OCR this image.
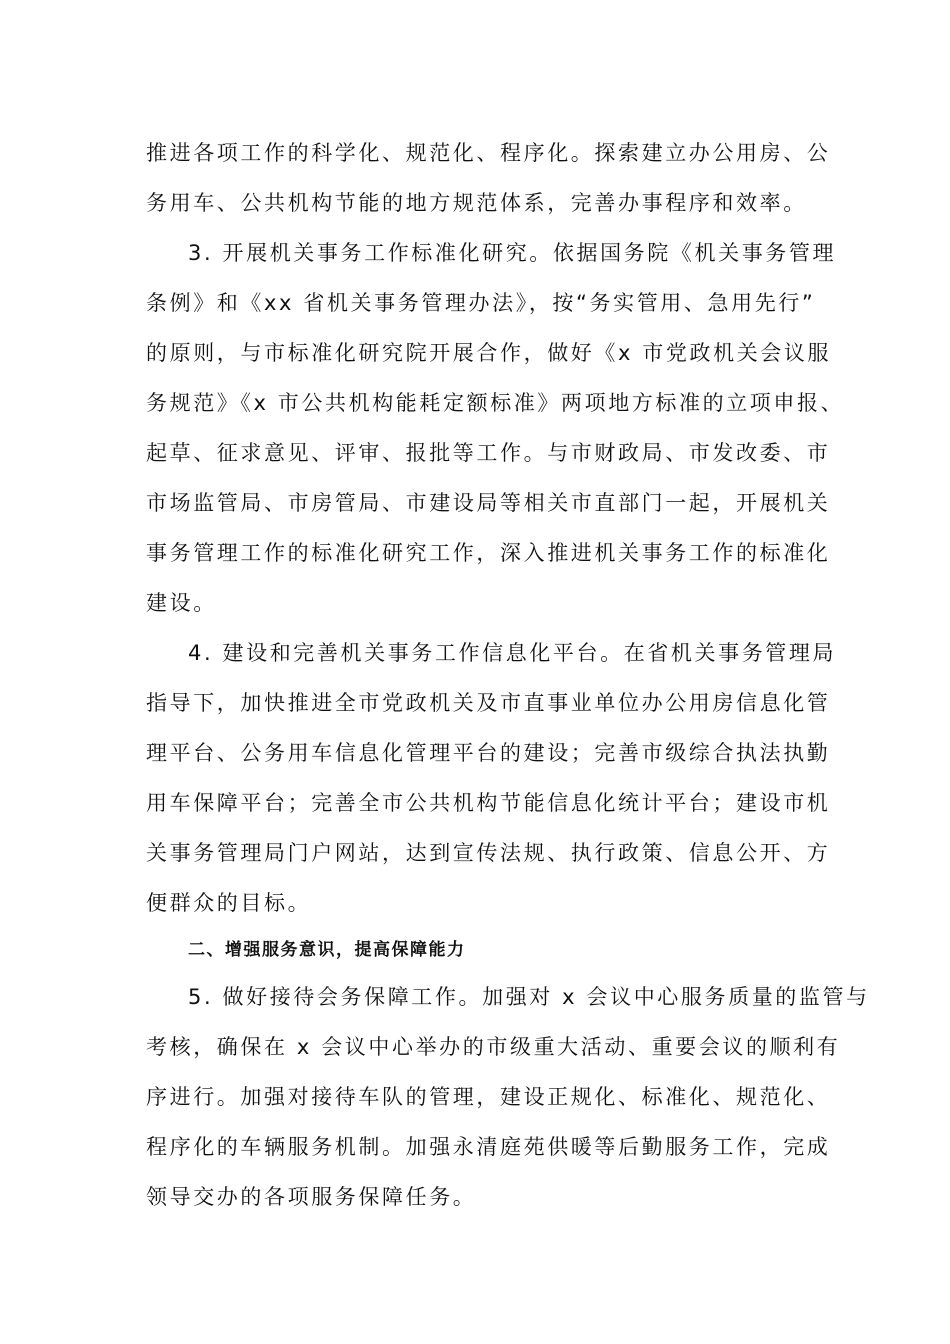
推进各项工作的科学化、规范化、程序化。探索建立办公用房、公
务用车、公共机构节能的地方规范体系，完善办事程序和效率。
3. 开展机关事务工作标准化研究。依据国务院《机关事务管理
条例》和《xx 省机关事务管理办法》，按“务实管用、急用先行”
的原则，与市标准化研究院开展合作，做好《x 市党政机关会议服
务规范》《x 市公共机构能耗定额标准》两项地方标准的立项申报、
起草、征求意见、评审、报批等工作。与市财政局、市发改委、市
市场监管局、市房管局、市建设局等相关市直部门一起，开展机关
事务管理工作的标准化研究工作，深入推进机关事务工作的标准化
建设。
4. 建设和完善机关事务工作信息化平台。在省机关事务管理局
指导下，加快推进全市党政机关及市直事业单位办公用房信息化管
理平台、公务用车信息化管理平台的建设；完善市级综合执法执勤
用车保障平台；完善全市公共机构节能信息化统计平台；建设市机
关事务管理局门户网站，达到宣传法规、执行政策、信息公开、方
便群众的目标。
二、增强服务意识，提高保障能力
5. 做好接待会务保障工作。加强对 x 会议中心服务质量的监管与
考核，确保在 x 会议中心举办的市级重大活动、重要会议的顺利有
序进行。加强对接待车队的管理，建设正规化、标准化、规范化、
程序化的车辆服务机制。加强永清庭苑供暖等后勤服务工作，完成
领导交办的各项服务保障任务。
